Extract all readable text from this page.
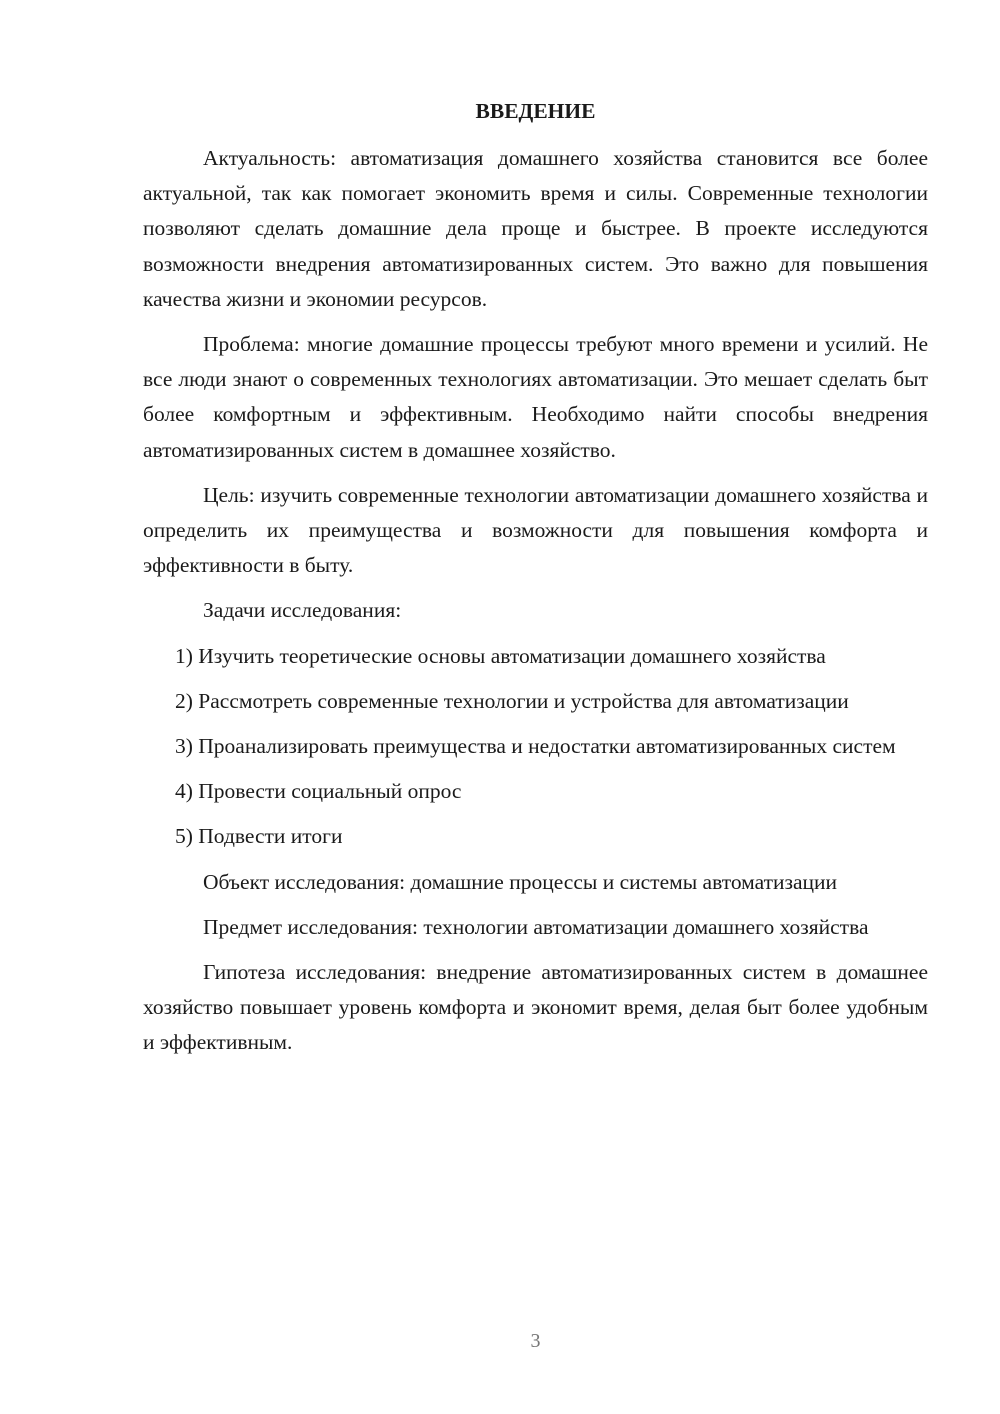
ВВЕДЕНИЕ

Актуальность: автоматизация домашнего хозяйства становится все более актуальной, так как помогает экономить время и силы. Современные технологии позволяют сделать домашние дела проще и быстрее. В проекте исследуются возможности внедрения автоматизированных систем. Это важно для повышения качества жизни и экономии ресурсов.

Проблема: многие домашние процессы требуют много времени и усилий. Не все люди знают о современных технологиях автоматизации. Это мешает сделать быт более комфортным и эффективным. Необходимо найти способы внедрения автоматизированных систем в домашнее хозяйство.

Цель: изучить современные технологии автоматизации домашнего хозяйства и определить их преимущества и возможности для повышения комфорта и эффективности в быту.

Задачи исследования:

1) Изучить теоретические основы автоматизации домашнего хозяйства

2) Рассмотреть современные технологии и устройства для автоматизации

3) Проанализировать преимущества и недостатки автоматизированных систем

4) Провести социальный опрос

5) Подвести итоги

Объект исследования: домашние процессы и системы автоматизации

Предмет исследования: технологии автоматизации домашнего хозяйства

Гипотеза исследования: внедрение автоматизированных систем в домашнее хозяйство повышает уровень комфорта и экономит время, делая быт более удобным и эффективным.

3
